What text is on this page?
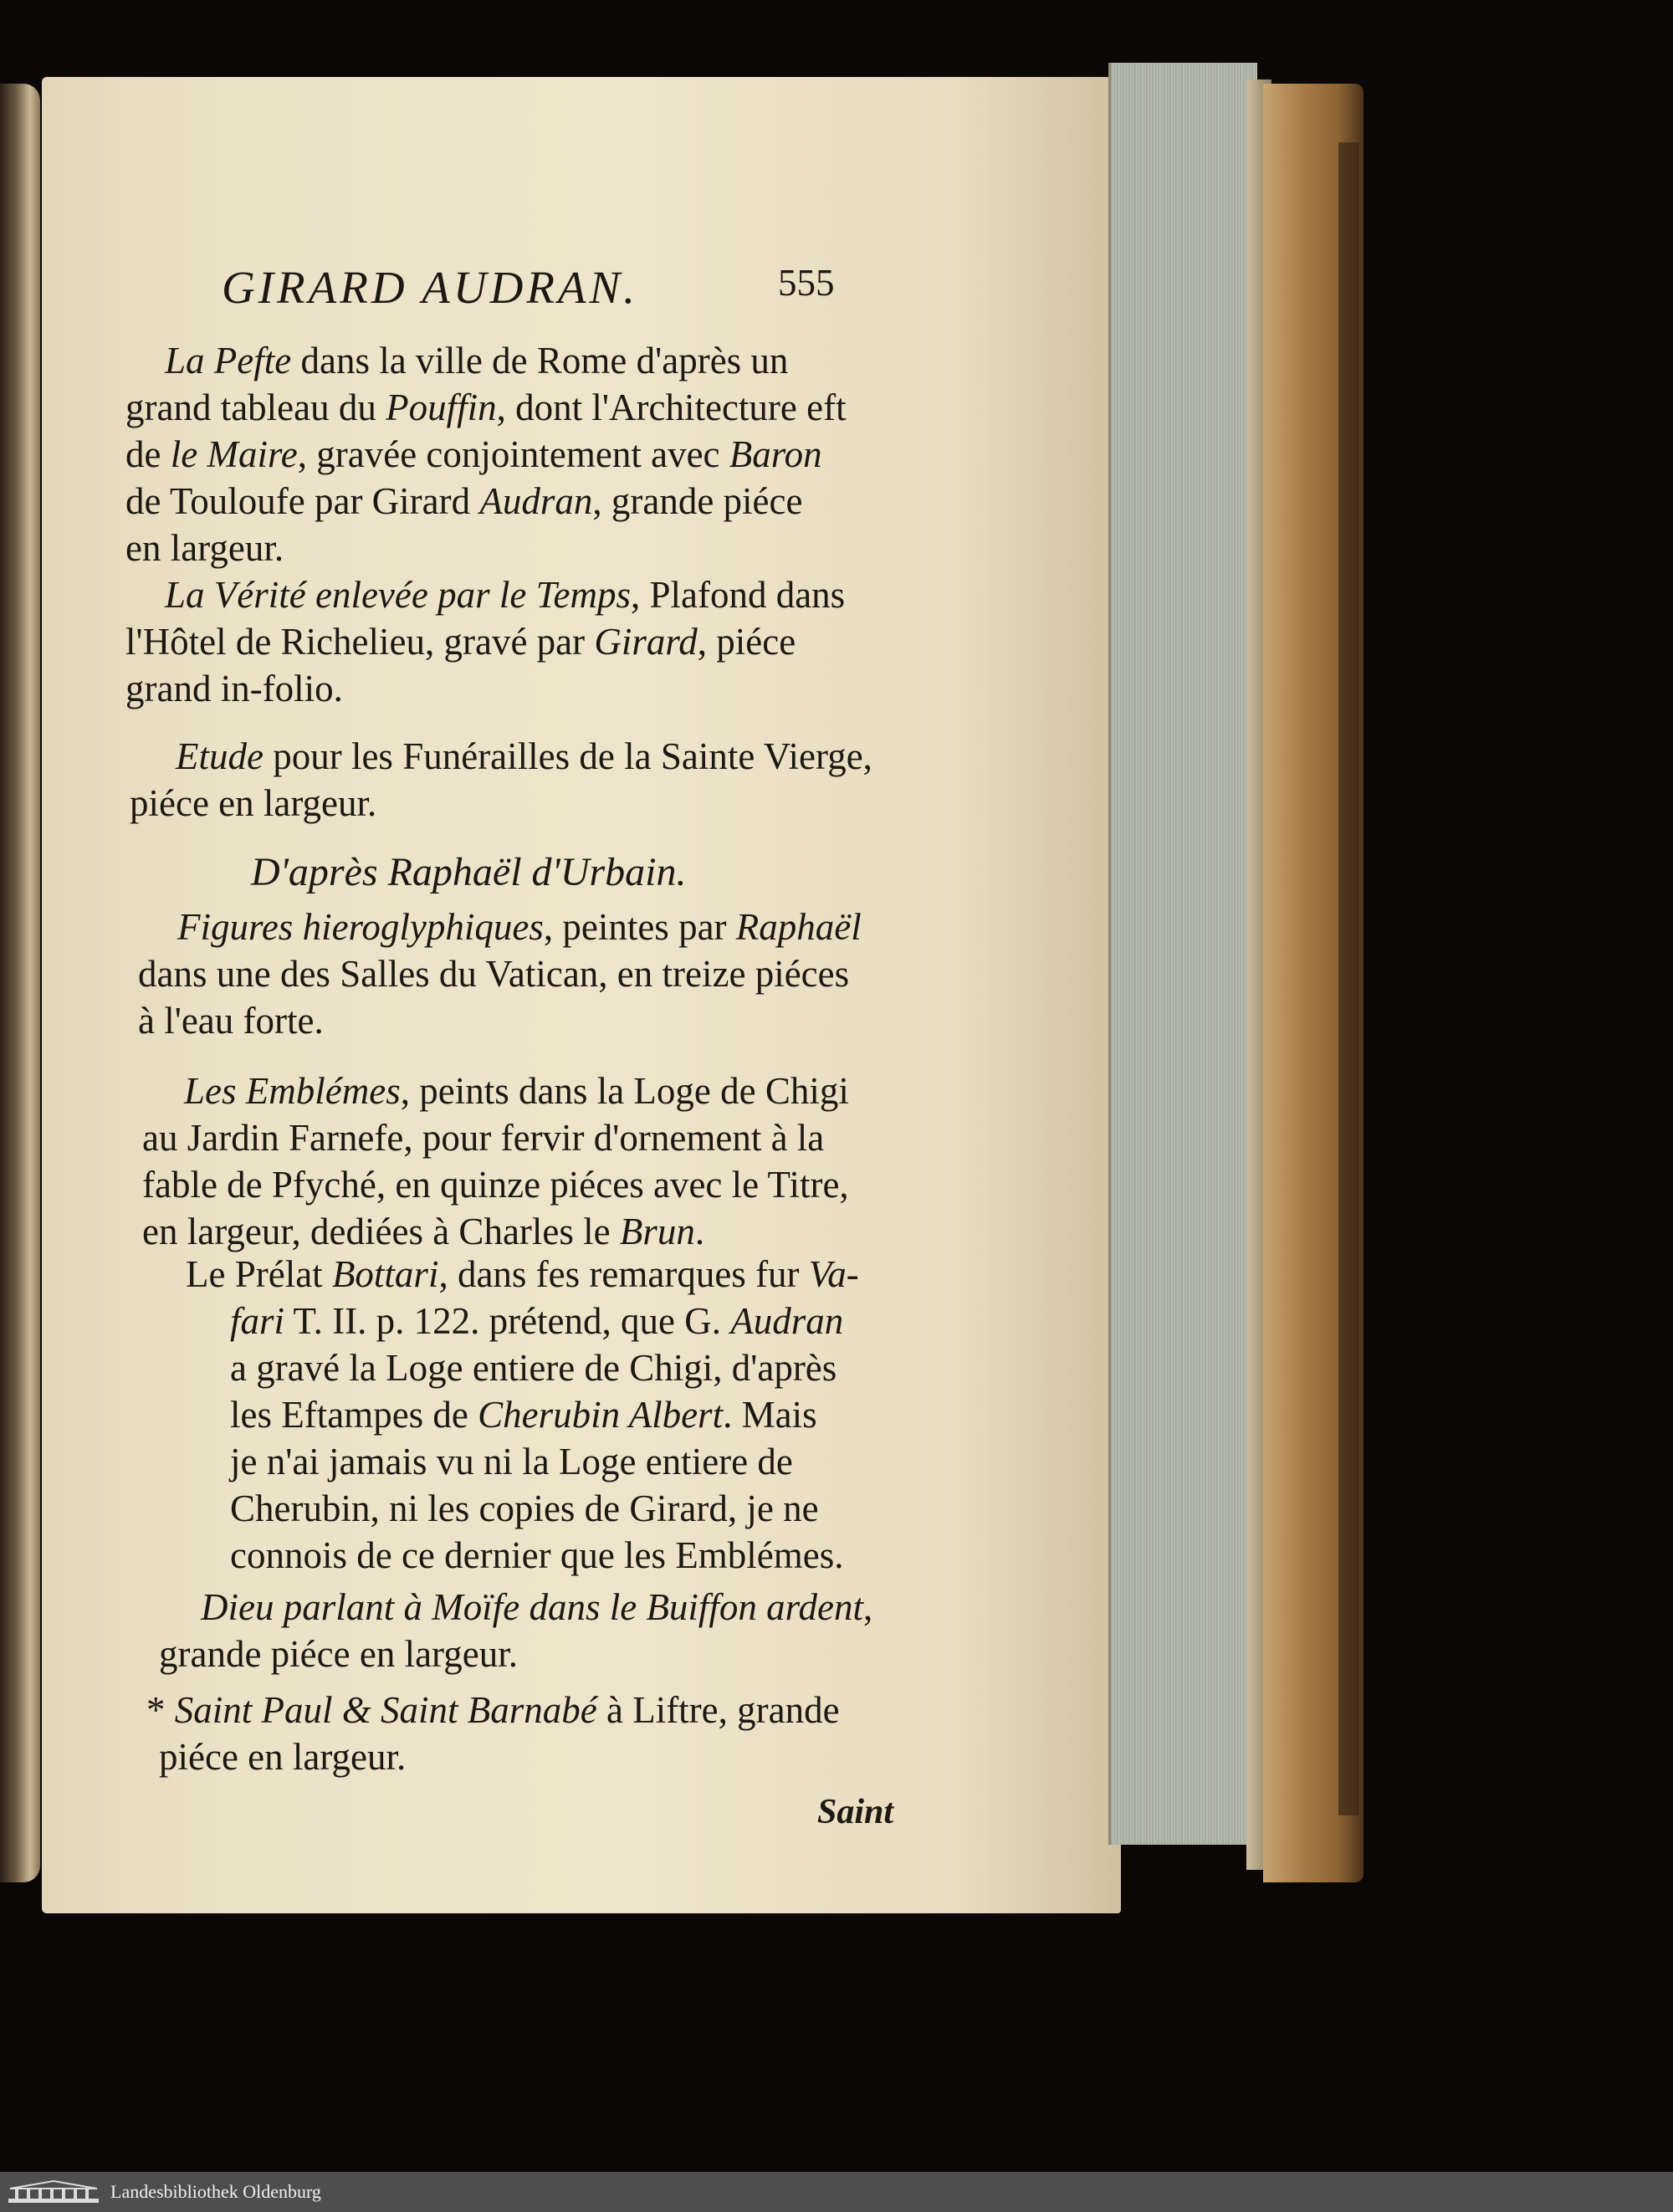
GIRARD AUDRAN.	555
La Pefte dans la ville de Rome d'après un
grand tableau du Pouffin, dont l'Architecture eft
de le Maire, gravée conjointement avec Baron
de Touloufe par Girard Audran, grande piéce
en largeur.
La Vérité enlevée par le Temps, Plafond dans
l'Hôtel de Richelieu, gravé par Girard, piéce
grand in-folio.
Etude pour les Funérailles de la Sainte Vierge,
piéce en largeur.
D'après Raphaël d'Urbain.
Figures hieroglyphiques, peintes par Raphaël
dans une des Salles du Vatican, en treize piéces
à l'eau forte.
Les Emblémes, peints dans la Loge de Chigi
au Jardin Farnefe, pour fervir d'ornement à la
fable de Pfyché, en quinze piéces avec le Titre,
en largeur, dediées à Charles le Brun.
Le Prélat Bottari, dans fes remarques fur Va-
fari T. II. p. 122. prétend, que G. Audran
a gravé la Loge entiere de Chigi, d'après
les Eftampes de Cherubin Albert. Mais
je n'ai jamais vu ni la Loge entiere de
Cherubin, ni les copies de Girard, je ne
connois de ce dernier que les Emblémes.
Dieu parlant à Moïfe dans le Buiffon ardent,
grande piéce en largeur.
* Saint Paul & Saint Barnabé à Liftre, grande
piéce en largeur.
Saint
Landesbibliothek Oldenburg
